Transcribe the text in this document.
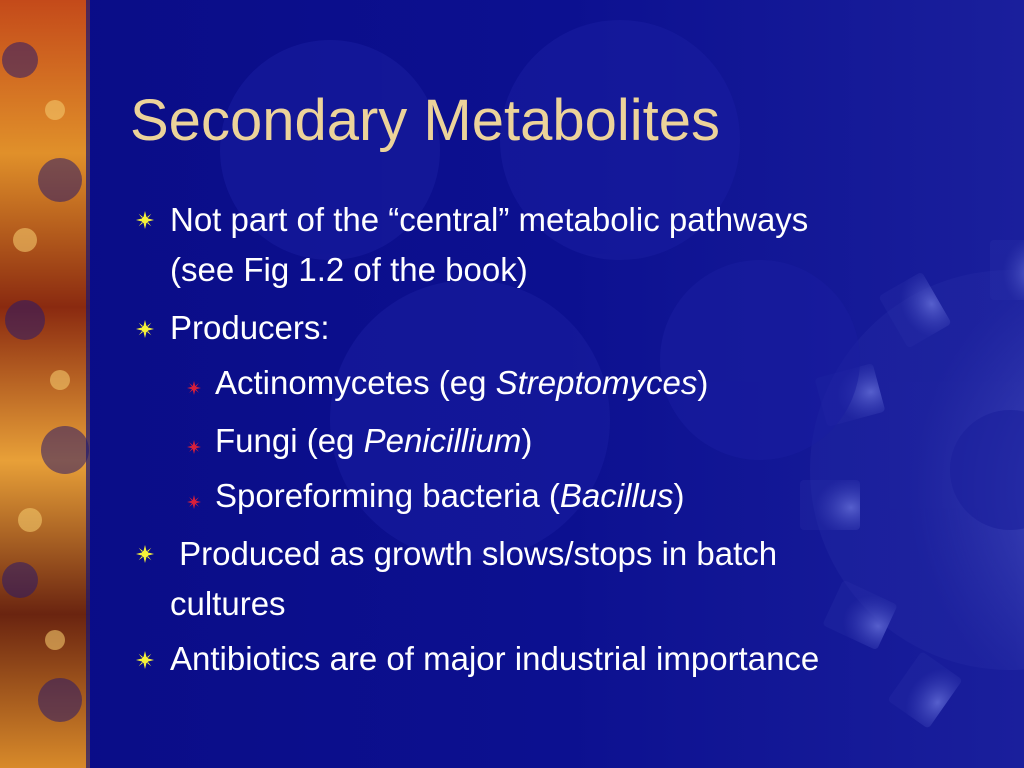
Secondary Metabolites
Not part of the “central” metabolic pathways
(see Fig 1.2 of the book)
Producers:
Actinomycetes (eg Streptomyces)
Fungi (eg Penicillium)
Sporeforming bacteria (Bacillus)
Produced as growth slows/stops in batch
cultures
Antibiotics are of major industrial importance
